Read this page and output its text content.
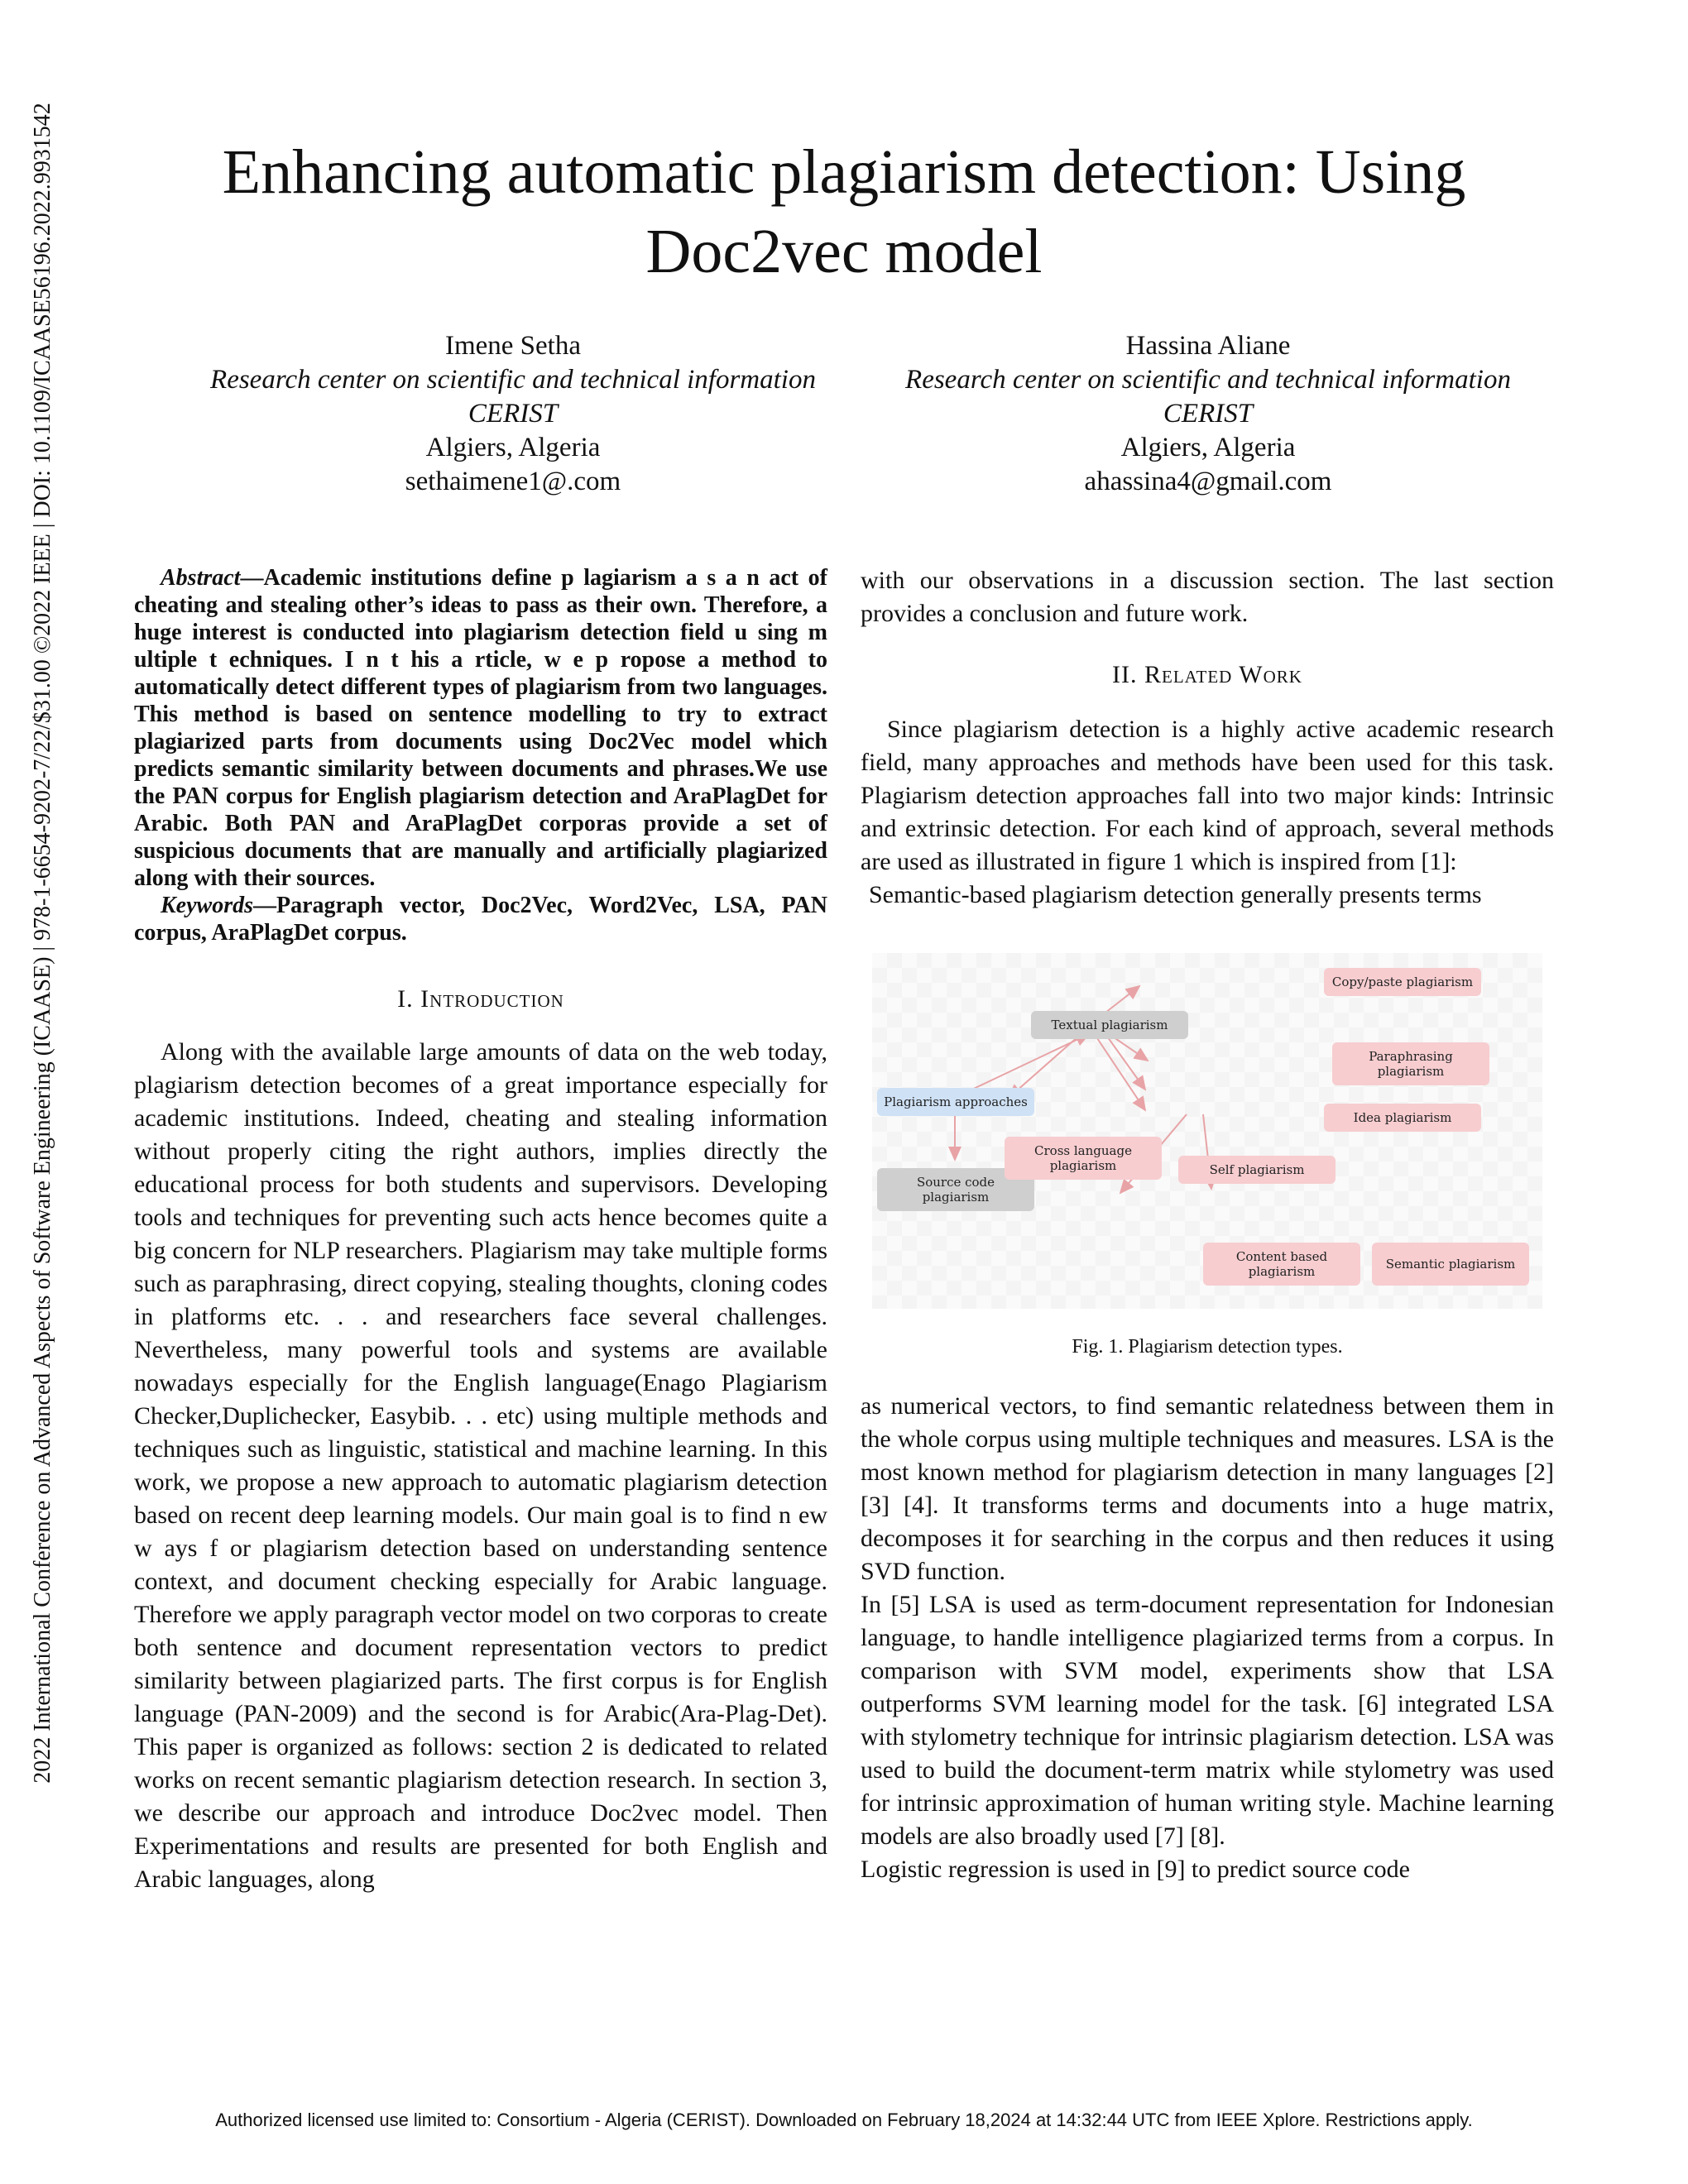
2022 International Conference on Advanced Aspects of Software Engineering (ICAASE) | 978-1-6654-9202-7/22/$31.00 ©2022 IEEE | DOI: 10.1109/ICAASE56196.2022.9931542	Enhancing automatic plagiarism detection: Using Doc2vec model
Imene Setha
Research center on scientific and technical information
CERIST
Algiers, Algeria
sethaimene1@.com
Hassina Aliane
Research center on scientific and technical information
CERIST
Algiers, Algeria
ahassina4@gmail.com

Abstract—Academic institutions define p lagiarism a s a n act of cheating and stealing other’s ideas to pass as their own. Therefore, a huge interest is conducted into plagiarism detection field u sing m ultiple t echniques. I n t his a rticle, w e p ropose a method to automatically detect different types of plagiarism from two languages. This method is based on sentence modelling to try to extract plagiarized parts from documents using Doc2Vec model which predicts semantic similarity between documents and phrases.We use the PAN corpus for English plagiarism detection and AraPlagDet for Arabic. Both PAN and AraPlagDet corporas provide a set of suspicious documents that are manually and artificially plagiarized along with their sources.

Keywords—Paragraph vector, Doc2Vec, Word2Vec, LSA, PAN corpus, AraPlagDet corpus.

I. Introduction

Along with the available large amounts of data on the web today, plagiarism detection becomes of a great importance especially for academic institutions. Indeed, cheating and stealing information without properly citing the right authors, implies directly the educational process for both students and supervisors. Developing tools and techniques for preventing such acts hence becomes quite a big concern for NLP researchers. Plagiarism may take multiple forms such as paraphrasing, direct copying, stealing thoughts, cloning codes in platforms etc. . . and researchers face several challenges. Nevertheless, many powerful tools and systems are available nowadays especially for the English language(Enago Plagiarism Checker,Duplichecker, Easybib. . . etc) using multiple methods and techniques such as linguistic, statistical and machine learning. In this work, we propose a new approach to automatic plagiarism detection based on recent deep learning models. Our main goal is to find n ew w ays f or plagiarism detection based on understanding sentence context, and document checking especially for Arabic language. Therefore we apply paragraph vector model on two corporas to create both sentence and document representation vectors to predict similarity between plagiarized parts. The first corpus is for English language (PAN-2009) and the second is for Arabic(Ara-Plag-Det). This paper is organized as follows: section 2 is dedicated to related works on recent semantic plagiarism detection research. In section 3, we describe our approach and introduce Doc2vec model. Then Experimentations and results are presented for both English and Arabic languages, along

with our observations in a discussion section. The last section provides a conclusion and future work.

II. Related Work

Since plagiarism detection is a highly active academic research field, many approaches and methods have been used for this task. Plagiarism detection approaches fall into two major kinds: Intrinsic and extrinsic detection. For each kind of approach, several methods are used as illustrated in figure 1 which is inspired from [1]:

Semantic-based plagiarism detection generally presents terms

Plagiarism approaches
Textual plagiarism
Source code plagiarism
Copy/paste plagiarism
Paraphrasing plagiarism
Idea plagiarism
Cross language plagiarism	Self plagiarism
Content based plagiarism	Semantic plagiarism

Fig. 1. Plagiarism detection types.

as numerical vectors, to find semantic relatedness between them in the whole corpus using multiple techniques and measures. LSA is the most known method for plagiarism detection in many languages [2] [3] [4]. It transforms terms and documents into a huge matrix, decomposes it for searching in the corpus and then reduces it using SVD function.

In [5] LSA is used as term-document representation for Indonesian language, to handle intelligence plagiarized terms from a corpus. In comparison with SVM model, experiments show that LSA outperforms SVM learning model for the task. [6] integrated LSA with stylometry technique for intrinsic plagiarism detection. LSA was used to build the document-term matrix while stylometry was used for intrinsic approximation of human writing style. Machine learning models are also broadly used [7] [8].

Logistic regression is used in [9] to predict source code

Authorized licensed use limited to: Consortium - Algeria (CERIST). Downloaded on February 18,2024 at 14:32:44 UTC from IEEE Xplore. Restrictions apply.
